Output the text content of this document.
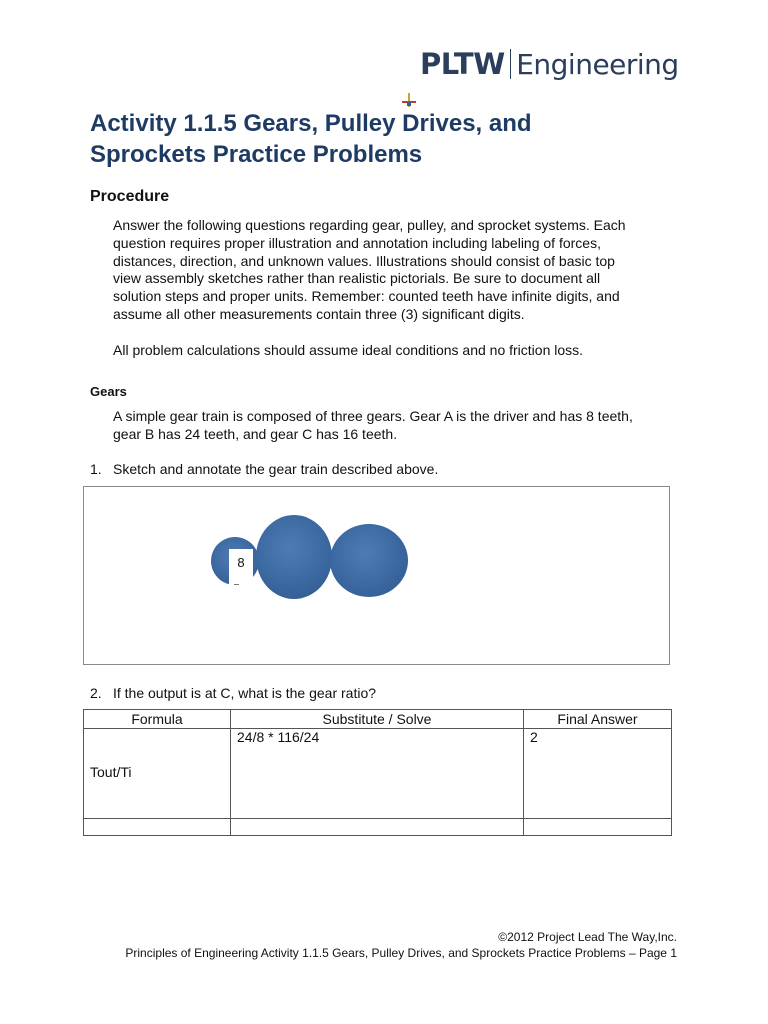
PLTW Engineering
Activity 1.1.5 Gears, Pulley Drives, and
Sprockets Practice Problems
Procedure
Answer the following questions regarding gear, pulley, and sprocket systems. Each
question requires proper illustration and annotation including labeling of forces,
distances, direction, and unknown values. Illustrations should consist of basic top
view assembly sketches rather than realistic pictorials. Be sure to document all
solution steps and proper units. Remember: counted teeth have infinite digits, and
assume all other measurements contain three (3) significant digits.
All problem calculations should assume ideal conditions and no friction loss.
Gears
A simple gear train is composed of three gears. Gear A is the driver and has 8 teeth,
gear B has 24 teeth, and gear C has 16 teeth.
1. Sketch and annotate the gear train described above.
8
2. If the output is at C, what is the gear ratio?
Formula	Substitute / Solve	Final Answer

Tout/Ti	24/8 * 116/24	2

©2012 Project Lead The Way,Inc.
Principles of Engineering Activity 1.1.5 Gears, Pulley Drives, and Sprockets Practice Problems – Page 1
